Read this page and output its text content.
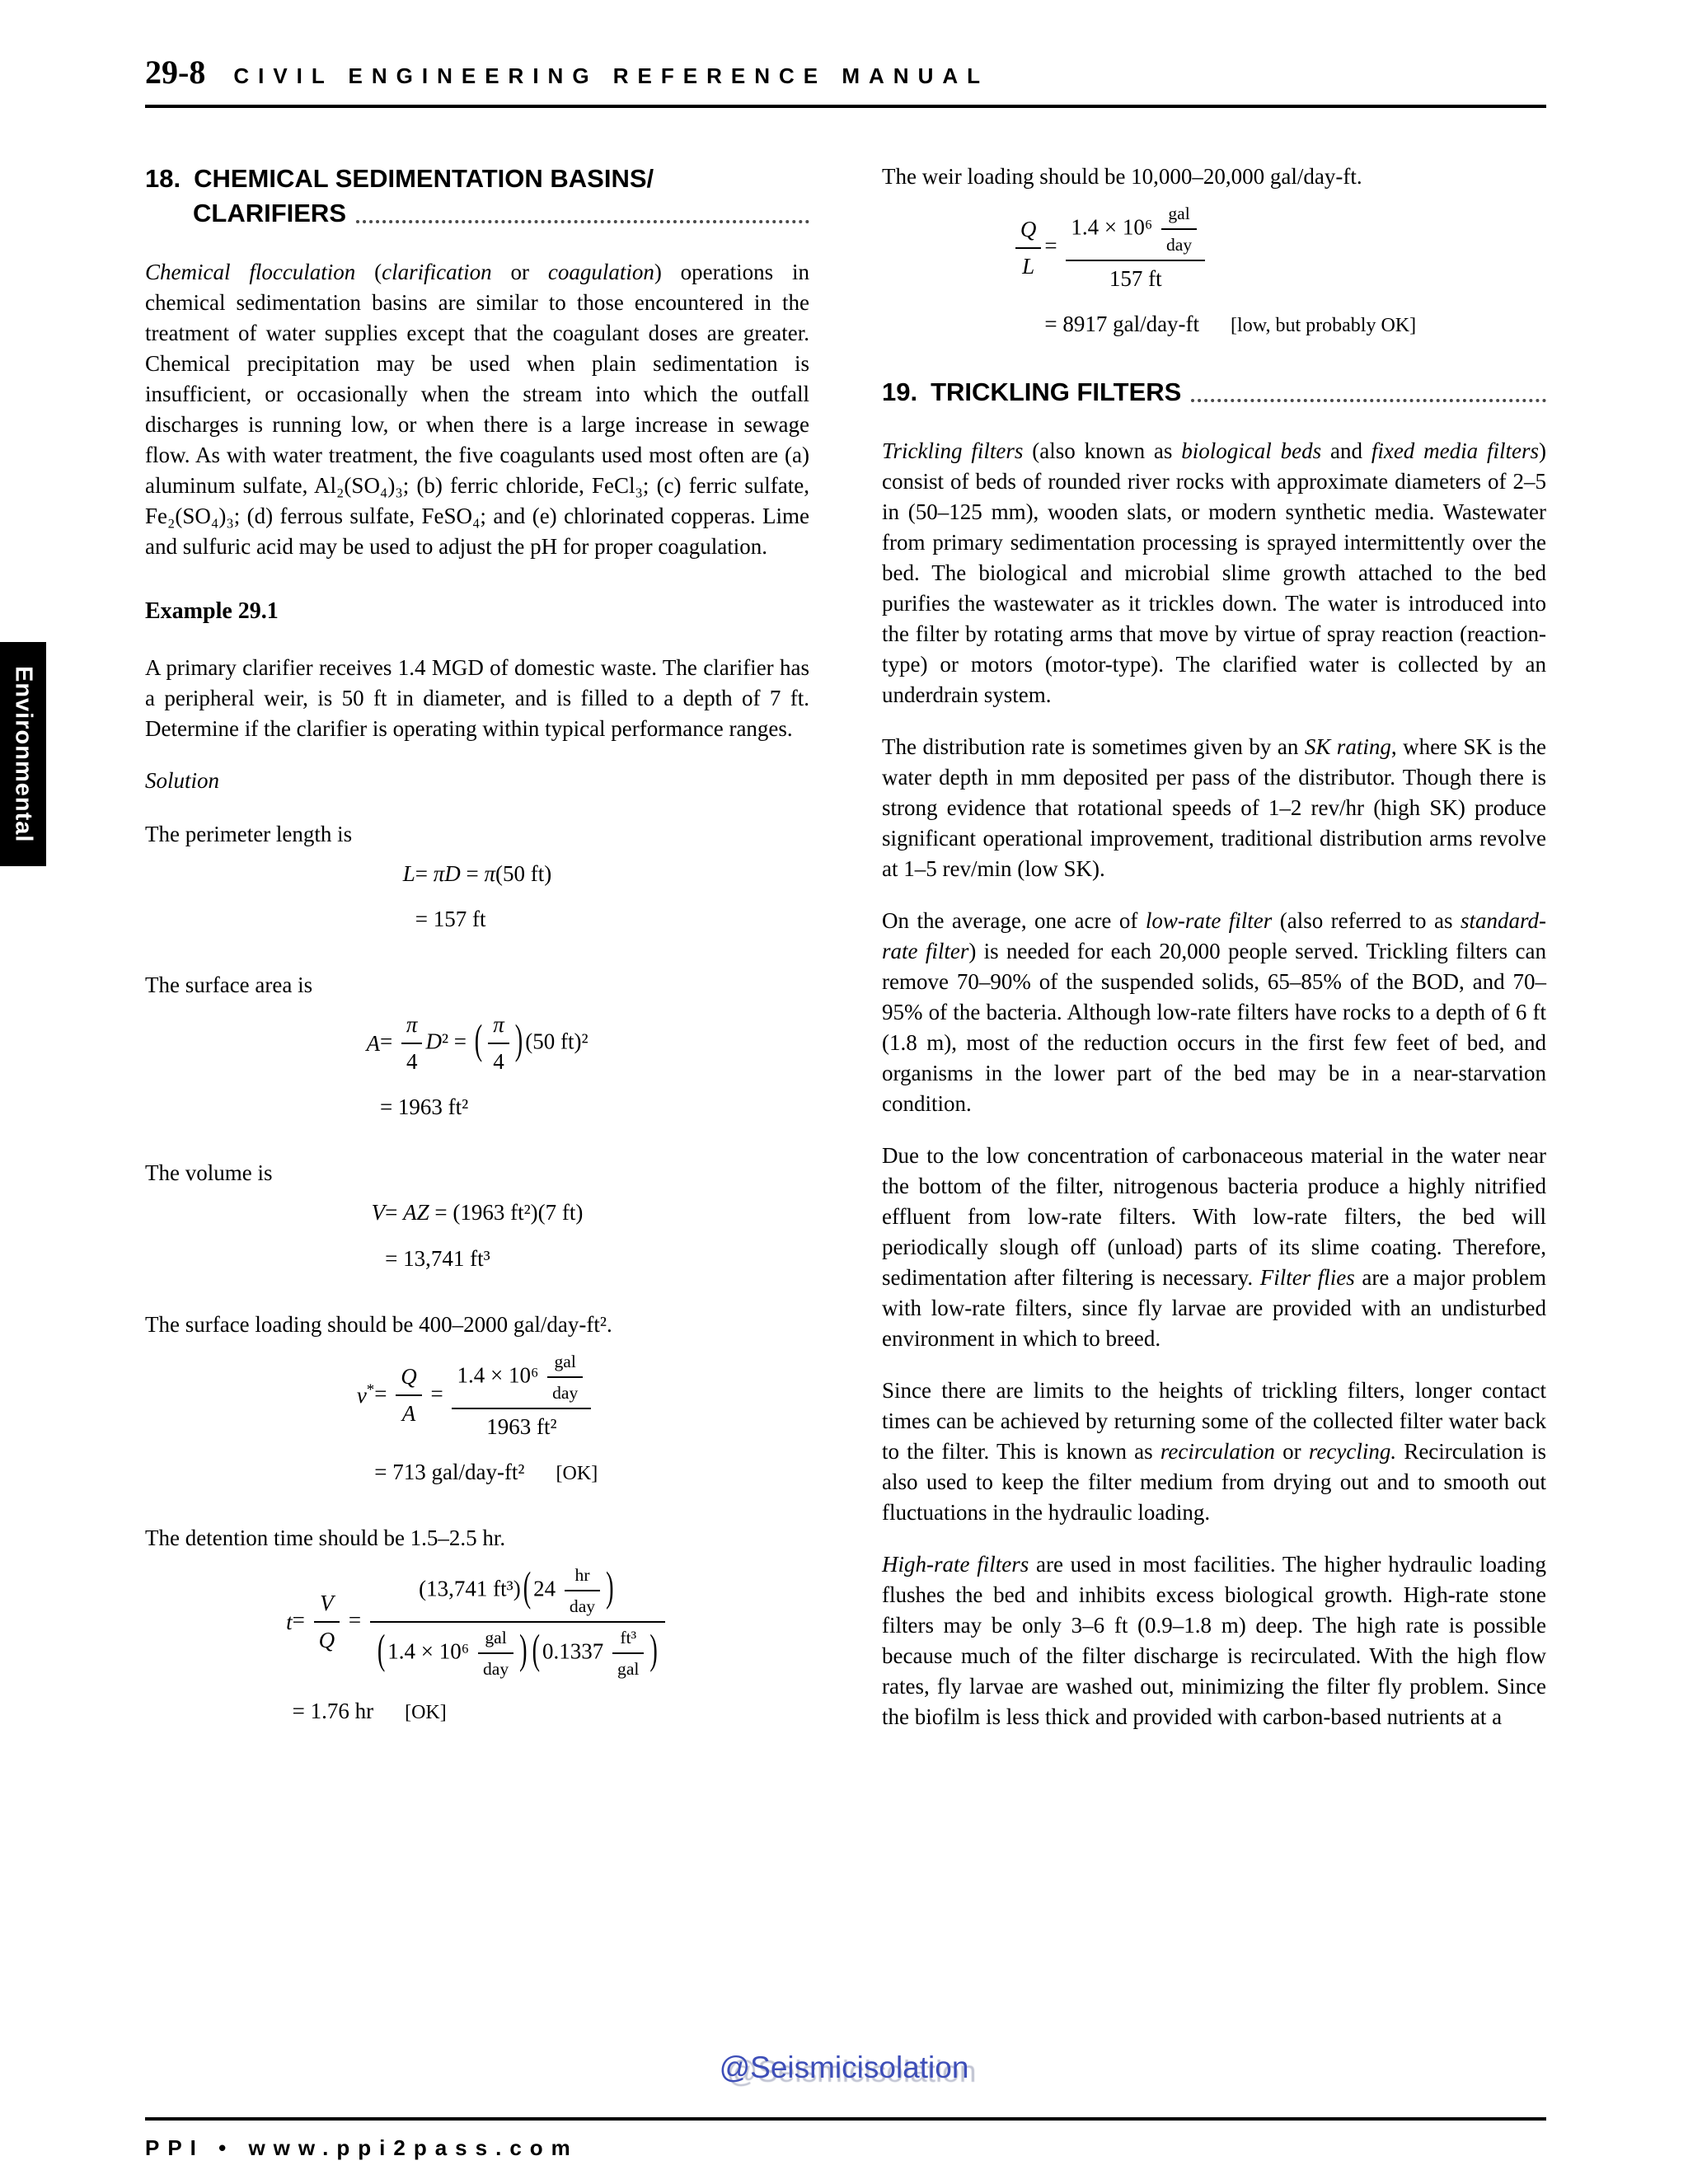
29-8 CIVIL ENGINEERING REFERENCE MANUAL
Environmental
18. CHEMICAL SEDIMENTATION BASINS/
CLARIFIERS

Chemical flocculation (clarification or coagulation) operations in chemical sedimentation basins are similar to those encountered in the treatment of water supplies except that the coagulant doses are greater. Chemical precipitation may be used when plain sedimentation is insufficient, or occasionally when the stream into which the outfall discharges is running low, or when there is a large increase in sewage flow. As with water treatment, the five coagulants used most often are (a) aluminum sulfate, Al₂(SO₄)₃; (b) ferric chloride, FeCl₃; (c) ferric sulfate, Fe₂(SO₄)₃; (d) ferrous sulfate, FeSO₄; and (e) chlorinated copperas. Lime and sulfuric acid may be used to adjust the pH for proper coagulation.

Example 29.1

A primary clarifier receives 1.4 MGD of domestic waste. The clarifier has a peripheral weir, is 50 ft in diameter, and is filled to a depth of 7 ft. Determine if the clarifier is operating within typical performance ranges.

Solution

The perimeter length is

L = πD = π(50 ft)
= 157 ft

The surface area is

$A = \frac{\pi}{4} D^2$ = ( $\frac{\pi}{4}$ ) (50 ft)²
= 1963 ft²

The volume is

V = AZ = (1963 ft²)(7 ft)
= 13,741 ft³

The surface loading should be 400–2000 gal/day-ft².

$v^* = \frac{Q}{A} = \frac{1.4 \times 10^6 \frac{\text{gal}}{\text{day}}}{\text{1963 ft²}}$
= 713 gal/day-ft² [OK]

The detention time should be 1.5–2.5 hr.

$t = \frac{V}{Q} = \frac{(13,741 ft^3) ( 24 \frac{hr}{\text{day}} )}{( 1.4 \times 10^6 \frac{\text{gal}}{\text{day}} ) ( 0.1337 \frac{\text{ft³}}{\text{gal}} )}$
= 1.76 hr [OK]

The weir loading should be 10,000–20,000 gal/day-ft.

$\frac{Q}{L} = \frac{1.4 \times 10^6 \frac{\text{gal}}{\text{day}}}{157 ft}$
= 8917 gal/day-ft [low, but probably OK]
19. TRICKLING FILTERS

Trickling filters (also known as biological beds and fixed media filters) consist of beds of rounded river rocks with approximate diameters of 2–5 in (50–125 mm), wooden slats, or modern synthetic media. Wastewater from primary sedimentation processing is sprayed intermittently over the bed. The biological and microbial slime growth attached to the bed purifies the wastewater as it trickles down. The water is introduced into the filter by rotating arms that move by virtue of spray reaction (reaction-type) or motors (motor-type). The clarified water is collected by an underdrain system.

The distribution rate is sometimes given by an SK rating, where SK is the water depth in mm deposited per pass of the distributor. Though there is strong evidence that rotational speeds of 1–2 rev/hr (high SK) produce significant operational improvement, traditional distribution arms revolve at 1–5 rev/min (low SK).

On the average, one acre of low-rate filter (also referred to as standard-rate filter) is needed for each 20,000 people served. Trickling filters can remove 70–90% of the suspended solids, 65–85% of the BOD, and 70–95% of the bacteria. Although low-rate filters have rocks to a depth of 6 ft (1.8 m), most of the reduction occurs in the first few feet of bed, and organisms in the lower part of the bed may be in a near-starvation condition.

Due to the low concentration of carbonaceous material in the water near the bottom of the filter, nitrogenous bacteria produce a highly nitrified effluent from low-rate filters. With low-rate filters, the bed will periodically slough off (unload) parts of its slime coating. Therefore, sedimentation after filtering is necessary. Filter flies are a major problem with low-rate filters, since fly larvae are provided with an undisturbed environment in which to breed.

Since there are limits to the heights of trickling filters, longer contact times can be achieved by returning some of the collected filter water back to the filter. This is known as recirculation or recycling. Recirculation is also used to keep the filter medium from drying out and to smooth out fluctuations in the hydraulic loading.

High-rate filters are used in most facilities. The higher hydraulic loading flushes the bed and inhibits excess biological growth. High-rate stone filters may be only 3–6 ft (0.9–1.8 m) deep. The high rate is possible because much of the filter discharge is recirculated. With the high flow rates, fly larvae are washed out, minimizing the filter fly problem. Since the biofilm is less thick and provided with carbon-based nutrients at a

@Seismicisolation
PPI • www.ppi2pass.com
